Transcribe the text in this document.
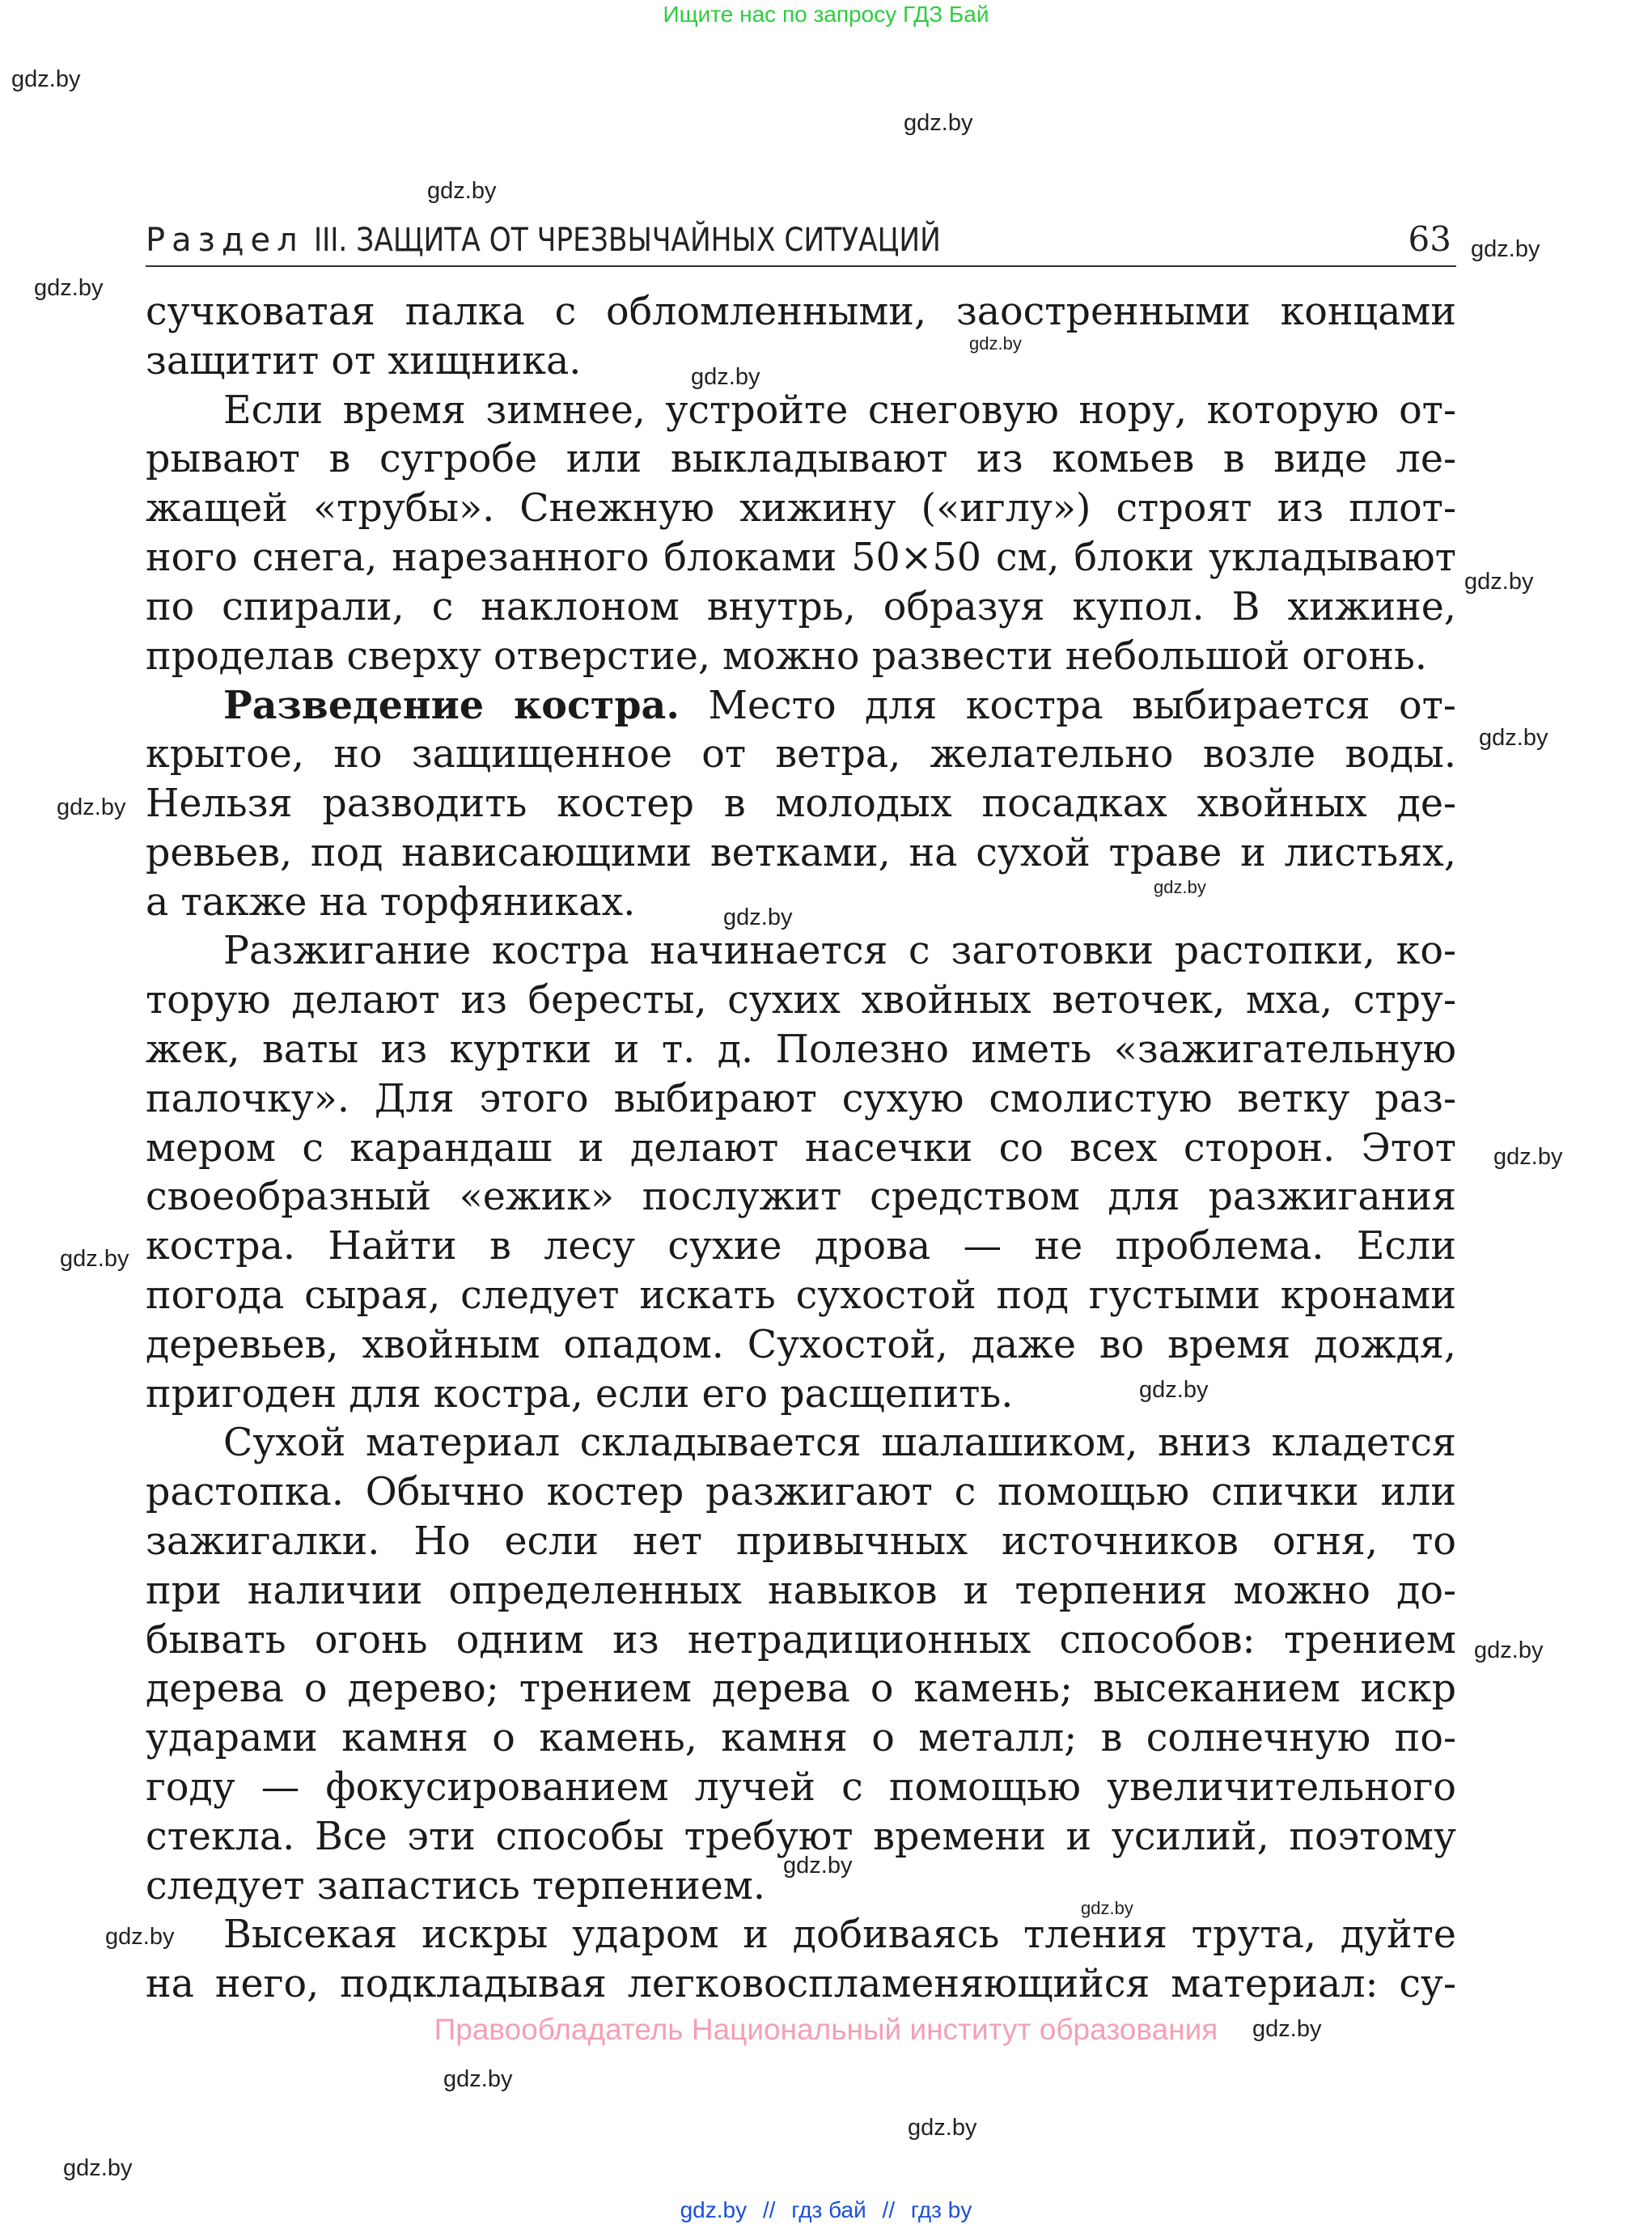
Ищите нас по запросу ГДЗ Бай
gdz.by
gdz.by
gdz.by
gdz.by
gdz.by
gdz.by
gdz.by
gdz.by
gdz.by
gdz.by
gdz.by
gdz.by
gdz.by
gdz.by
gdz.by
gdz.by
gdz.by
gdz.by
gdz.by
gdz.by
gdz.by
gdz.by
gdz.by
Раздел III. ЗАЩИТА ОТ ЧРЕЗВЫЧАЙНЫХ СИТУАЦИЙ	63
сучковатая палка с обломленными, заостренными концами
защитит от хищника.
Если время зимнее, устройте снеговую нору, которую от-
рывают в сугробе или выкладывают из комьев в виде ле-
жащей «трубы». Снежную хижину («иглу») строят из плот-
ного снега, нарезанного блоками 50×50 см, блоки укладывают
по спирали, с наклоном внутрь, образуя купол. В хижине,
проделав сверху отверстие, можно развести небольшой огонь.
Разведение костра. Место для костра выбирается от-
крытое, но защищенное от ветра, желательно возле воды.
Нельзя разводить костер в молодых посадках хвойных де-
ревьев, под нависающими ветками, на сухой траве и листьях,
а также на торфяниках.
Разжигание костра начинается с заготовки растопки, ко-
торую делают из бересты, сухих хвойных веточек, мха, стру-
жек, ваты из куртки и т. д. Полезно иметь «зажигательную
палочку». Для этого выбирают сухую смолистую ветку раз-
мером с карандаш и делают насечки со всех сторон. Этот
своеобразный «ежик» послужит средством для разжигания
костра. Найти в лесу сухие дрова — не проблема. Если
погода сырая, следует искать сухостой под густыми кронами
деревьев, хвойным опадом. Сухостой, даже во время дождя,
пригоден для костра, если его расщепить.
Сухой материал складывается шалашиком, вниз кладется
растопка. Обычно костер разжигают с помощью спички или
зажигалки. Но если нет привычных источников огня, то
при наличии определенных навыков и терпения можно до-
бывать огонь одним из нетрадиционных способов: трением
дерева о дерево; трением дерева о камень; высеканием искр
ударами камня о камень, камня о металл; в солнечную по-
году — фокусированием лучей с помощью увеличительного
стекла. Все эти способы требуют времени и усилий, поэтому
следует запастись терпением.
Высекая искры ударом и добиваясь тления трута, дуйте
на него, подкладывая легковоспламеняющийся материал: су-
Правообладатель Национальный институт образования
gdz.by // гдз бай // гдз by
